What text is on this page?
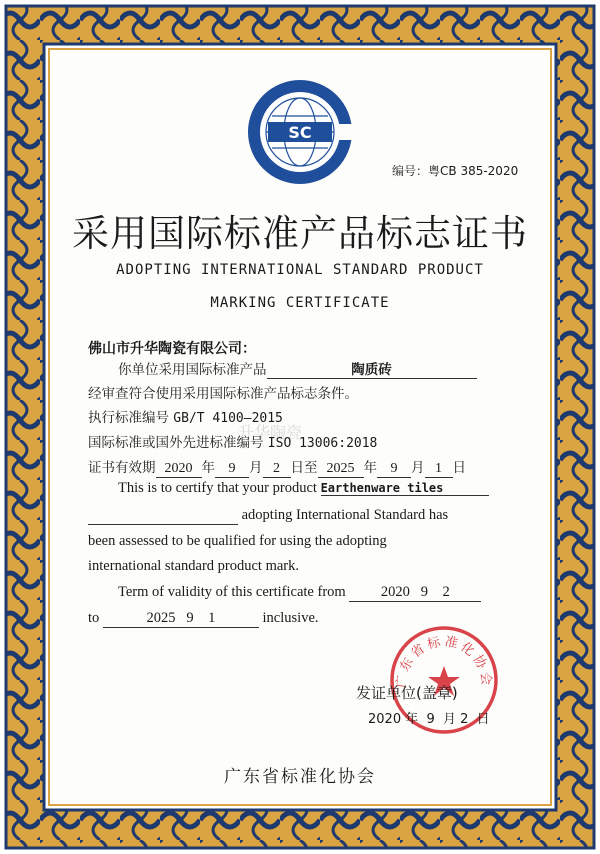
SC
编号：粤CB 385-2020
采用国际标准产品标志证书
ADOPTING INTERNATIONAL STANDARD PRODUCT
MARKING CERTIFICATE
佛山市升华陶瓷有限公司：
你单位采用国际标准产品	陶质砖
经审查符合使用采用国际标准产品标志条件。
执行标准编号 GB/T 4100—2015
升华陶瓷
国际标准或国外先进标准编号 ISO 13006:2018
证书有效期 2020 年 9 月 2 日至 2025 年 9 月 1 日
This is to certify that your product Earthenware tiles
adopting International Standard has
been assessed to be qualified for using the adopting
international standard product mark.
Term of validity of this certificate from 2020   9    2
to	2025   9    1	inclusive.
广东省标准化协会
发证单位(盖章)
2020 年  9  月 2  日
广东省标准化协会
